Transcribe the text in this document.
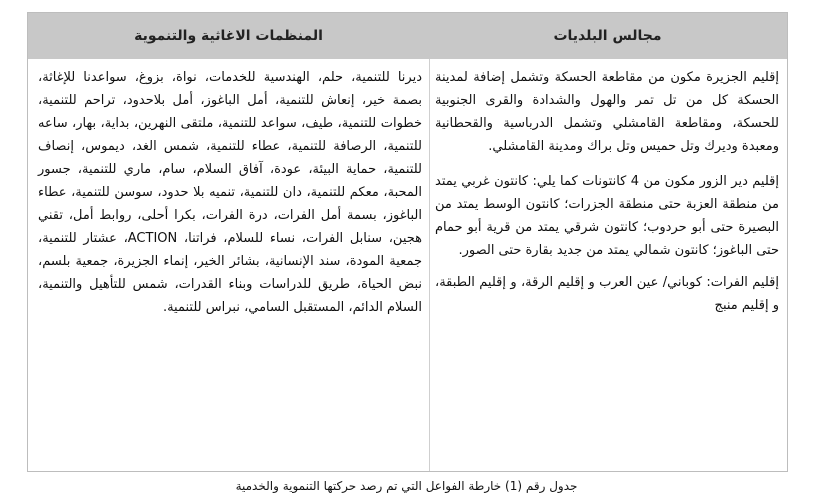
مجالس البلديات
المنظمات الاغاثية والتنموية

إقليم الجزيرة مكون من مقاطعة الحسكة وتشمل إضافة لمدينة الحسكة كل من تل تمر والهول والشدادة والقرى الجنوبية للحسكة، ومقاطعة القامشلي وتشمل الدرباسية والقحطانية ومعبدة وديرك وتل حميس وتل براك ومدينة القامشلي.

إقليم دير الزور مكون من 4 كانتونات كما يلي: كانتون غربي يمتد من منطقة العزبة حتى منطقة الجزرات؛ كانتون الوسط يمتد من البصيرة حتى أبو حردوب؛ كانتون شرقي يمتد من قرية أبو حمام حتى الباغوز؛ كانتون شمالي يمتد من جديد بقارة حتى الصور.

إقليم الفرات: كوباني/ عين العرب و إقليم الرقة، و إقليم الطبقة، و إقليم منبج

ديرنا للتنمية، حلم، الهندسية للخدمات، نواة، بزوغ، سواعدنا للإغاثة، بصمة خير، إنعاش للتنمية، أمل الباغوز، أمل بلاحدود، تراحم للتنمية، خطوات للتنمية، طيف، سواعد للتنمية، ملتقى النهرين، بداية، بهار، ساعه للتنمية، الرصافة للتنمية، عطاء للتنمية، شمس الغد، ديموس، إنصاف للتنمية، حماية البيئة، عودة، آفاق السلام، سام، ماري للتنمية، جسور المحبة، معكم للتنمية، دان للتنمية، تنميه بلا حدود، سوسن للتنمية، عطاء الباغوز، بسمة أمل الفرات، درة الفرات، بكرا أحلى، روابط أمل، تقني هجين، سنابل الفرات، نساء للسلام، فراتنا، ACTION، عشتار للتنمية، جمعية المودة، سند الإنسانية، بشائر الخير، إنماء الجزيرة، جمعية بلسم، نبض الحياة، طريق للدراسات وبناء القدرات، شمس للتأهيل والتنمية، السلام الدائم، المستقبل السامي، نبراس للتنمية.

جدول رقم (1) خارطة الفواعل التي تم رصد حركتها التنموية والخدمية
